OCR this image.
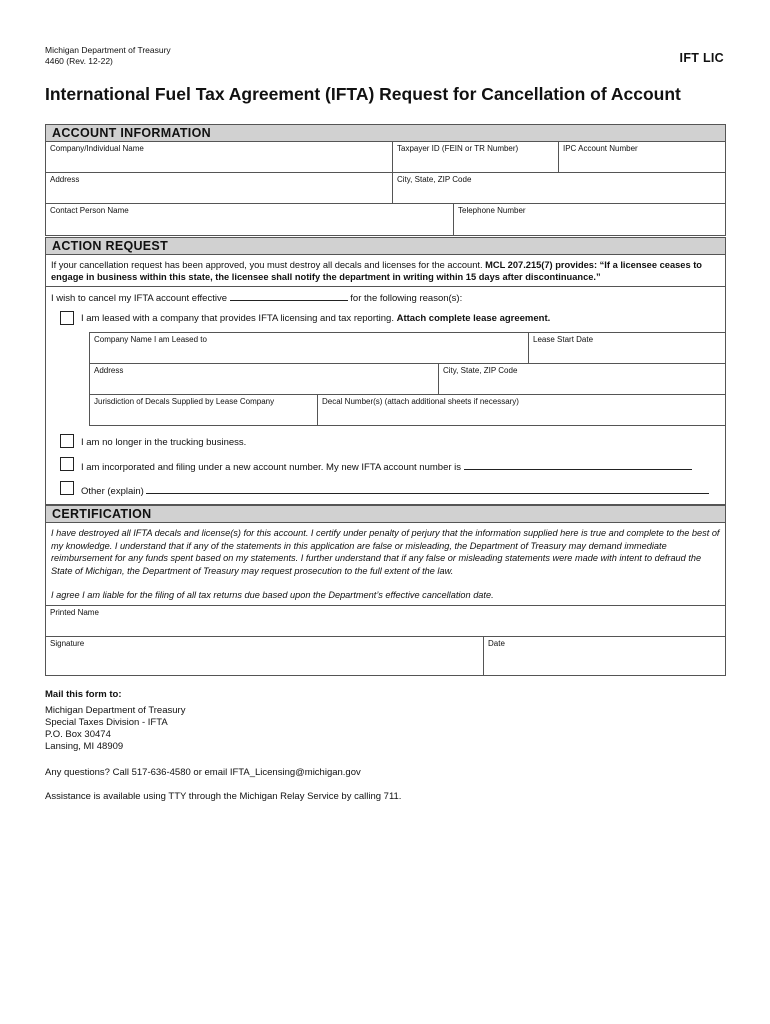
Michigan Department of Treasury
4460 (Rev. 12-22)	IFT LIC
International Fuel Tax Agreement (IFTA) Request for Cancellation of Account
ACCOUNT INFORMATION
Company/Individual Name	Taxpayer ID (FEIN or TR Number)	IPC Account Number
Address	City, State, ZIP Code
Contact Person Name	Telephone Number
ACTION REQUEST
If your cancellation request has been approved, you must destroy all decals and licenses for the account. MCL 207.215(7) provides: “If a licensee ceases to engage in business within this state, the licensee shall notify the department in writing within 15 days after discontinuance.”
I wish to cancel my IFTA account effective	for the following reason(s):
I am leased with a company that provides IFTA licensing and tax reporting. Attach complete lease agreement.
Company Name I am Leased to	Lease Start Date
Address	City, State, ZIP Code
Jurisdiction of Decals Supplied by Lease Company	Decal Number(s) (attach additional sheets if necessary)
I am no longer in the trucking business.
I am incorporated and filing under a new account number. My new IFTA account number is
Other (explain)
CERTIFICATION
I have destroyed all IFTA decals and license(s) for this account. I certify under penalty of perjury that the information supplied here is true and complete to the best of my knowledge. I understand that if any of the statements in this application are false or misleading, the Department of Treasury may demand immediate reimbursement for any funds spent based on my statements. I further understand that if any false or misleading statements were made with intent to defraud the State of Michigan, the Department of Treasury may request prosecution to the full extent of the law.
I agree I am liable for the filing of all tax returns due based upon the Department’s effective cancellation date.
Printed Name
Signature	Date
Mail this form to:
Michigan Department of Treasury
Special Taxes Division - IFTA
P.O. Box 30474
Lansing, MI 48909
Any questions? Call 517-636-4580 or email IFTA_Licensing@michigan.gov
Assistance is available using TTY through the Michigan Relay Service by calling 711.
